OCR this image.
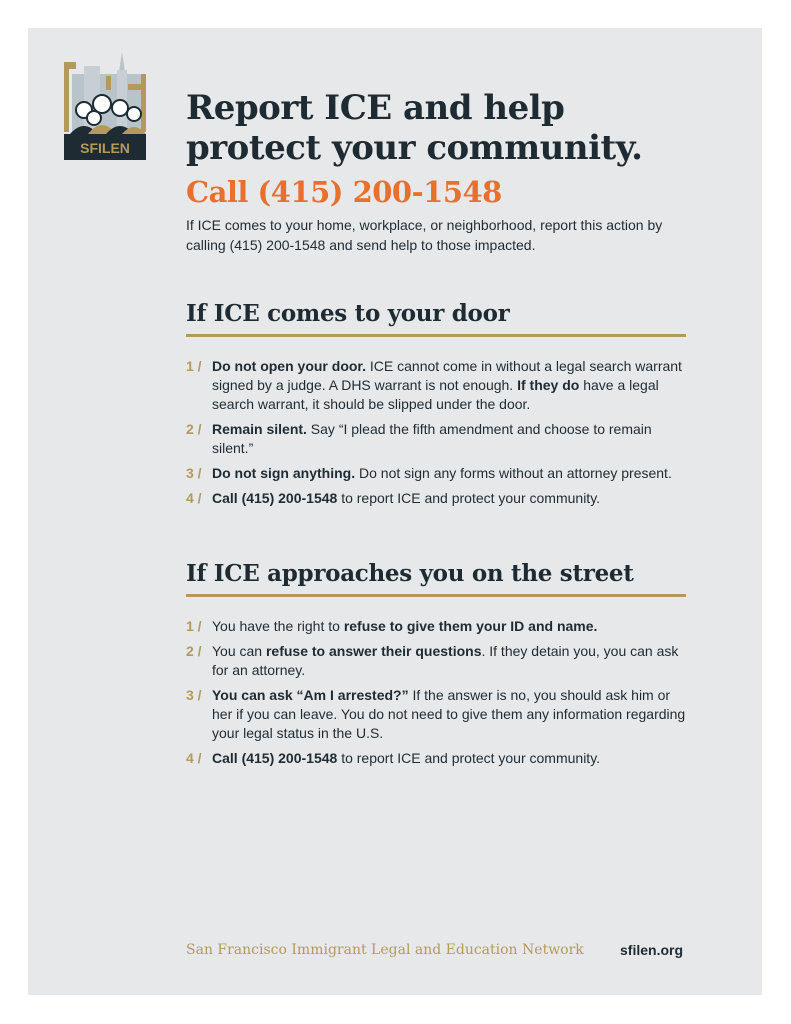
SFILEN
Report ICE and help
protect your community.

Call (415) 200-1548

If ICE comes to your home, workplace, or neighborhood, report this action by calling (415) 200-1548 and send help to those impacted.
If ICE comes to your door
1 / Do not open your door. ICE cannot come in without a legal search warrant signed by a judge. A DHS warrant is not enough. If they do have a legal search warrant, it should be slipped under the door.
2 / Remain silent. Say “I plead the fifth amendment and choose to remain silent.”
3 / Do not sign anything. Do not sign any forms without an attorney present.
4 / Call (415) 200-1548 to report ICE and protect your community.
If ICE approaches you on the street
1 / You have the right to refuse to give them your ID and name.
2 / You can refuse to answer their questions. If they detain you, you can ask for an attorney.
3 / You can ask “Am I arrested?” If the answer is no, you should ask him or her if you can leave. You do not need to give them any information regarding your legal status in the U.S.
4 / Call (415) 200-1548 to report ICE and protect your community.
San Francisco Immigrant Legal and Education Network	sfilen.org
